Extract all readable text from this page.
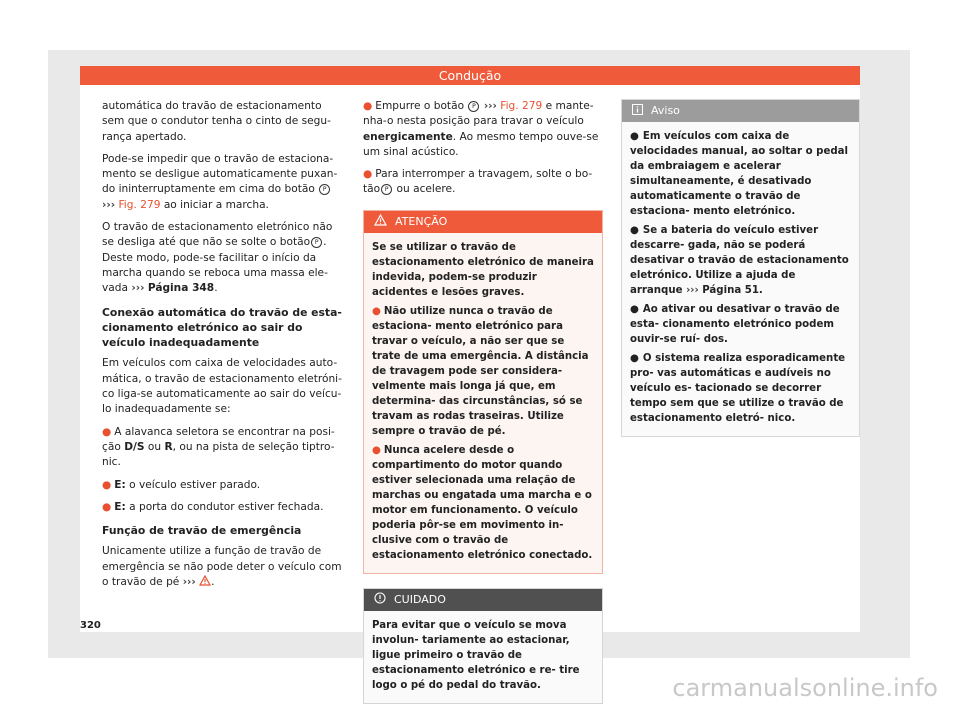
Condução

automática do travão de estacionamento sem que o condutor tenha o cinto de segu- rança apertado.

Pode-se impedir que o travão de estaciona- mento se desligue automaticamente puxan- do ininterruptamente em cima do botão P ››› Fig. 279 ao iniciar a marcha.

O travão de estacionamento eletrónico não se desliga até que não se solte o botão P . Deste modo, pode-se facilitar o início da marcha quando se reboca uma massa ele- vada ››› Página 348.

Conexão automática do travão de esta- cionamento eletrónico ao sair do veículo inadequadamente

Em veículos com caixa de velocidades auto- mática, o travão de estacionamento eletróni- co liga-se automaticamente ao sair do veícu- lo inadequadamente se:

● A alavanca seletora se encontrar na posi- ção D/S ou R, ou na pista de seleção tiptro- nic.

● E: o veículo estiver parado.

● E: a porta do condutor estiver fechada.

Função de travão de emergência

Unicamente utilize a função de travão de emergência se não pode deter o veículo com o travão de pé ››› .

● Empurre o botão P ››› Fig. 279 e mante- nha-o nesta posição para travar o veículo energicamente. Ao mesmo tempo ouve-se um sinal acústico.

● Para interromper a travagem, solte o bo- tão P ou acelere.

ATENÇÃO

Se se utilizar o travão de estacionamento eletrónico de maneira indevida, podem-se produzir acidentes e lesões graves.

● Não utilize nunca o travão de estaciona- mento eletrónico para travar o veículo, a não ser que se trate de uma emergência. A distância de travagem pode ser considera- velmente mais longa já que, em determina- das circunstâncias, só se travam as rodas traseiras. Utilize sempre o travão de pé.

● Nunca acelere desde o compartimento do motor quando estiver selecionada uma relação de marchas ou engatada uma marcha e o motor em funcionamento. O veículo poderia pôr-se em movimento in- clusive com o travão de estacionamento eletrónico conectado.

CUIDADO

Para evitar que o veículo se mova involun- tariamente ao estacionar, ligue primeiro o travão de estacionamento eletrónico e re- tire logo o pé do pedal do travão.

Aviso

● Em veículos com caixa de velocidades manual, ao soltar o pedal da embraiagem e acelerar simultaneamente, é desativado automaticamente o travão de estaciona- mento eletrónico.

● Se a bateria do veículo estiver descarre- gada, não se poderá desativar o travão de estacionamento eletrónico. Utilize a ajuda de arranque ››› Página 51.

● Ao ativar ou desativar o travão de esta- cionamento eletrónico podem ouvir-se ruí- dos.

● O sistema realiza esporadicamente pro- vas automáticas e audíveis no veículo es- tacionado se decorrer tempo sem que se utilize o travão de estacionamento eletró- nico.

320
carmanualsonline.info
